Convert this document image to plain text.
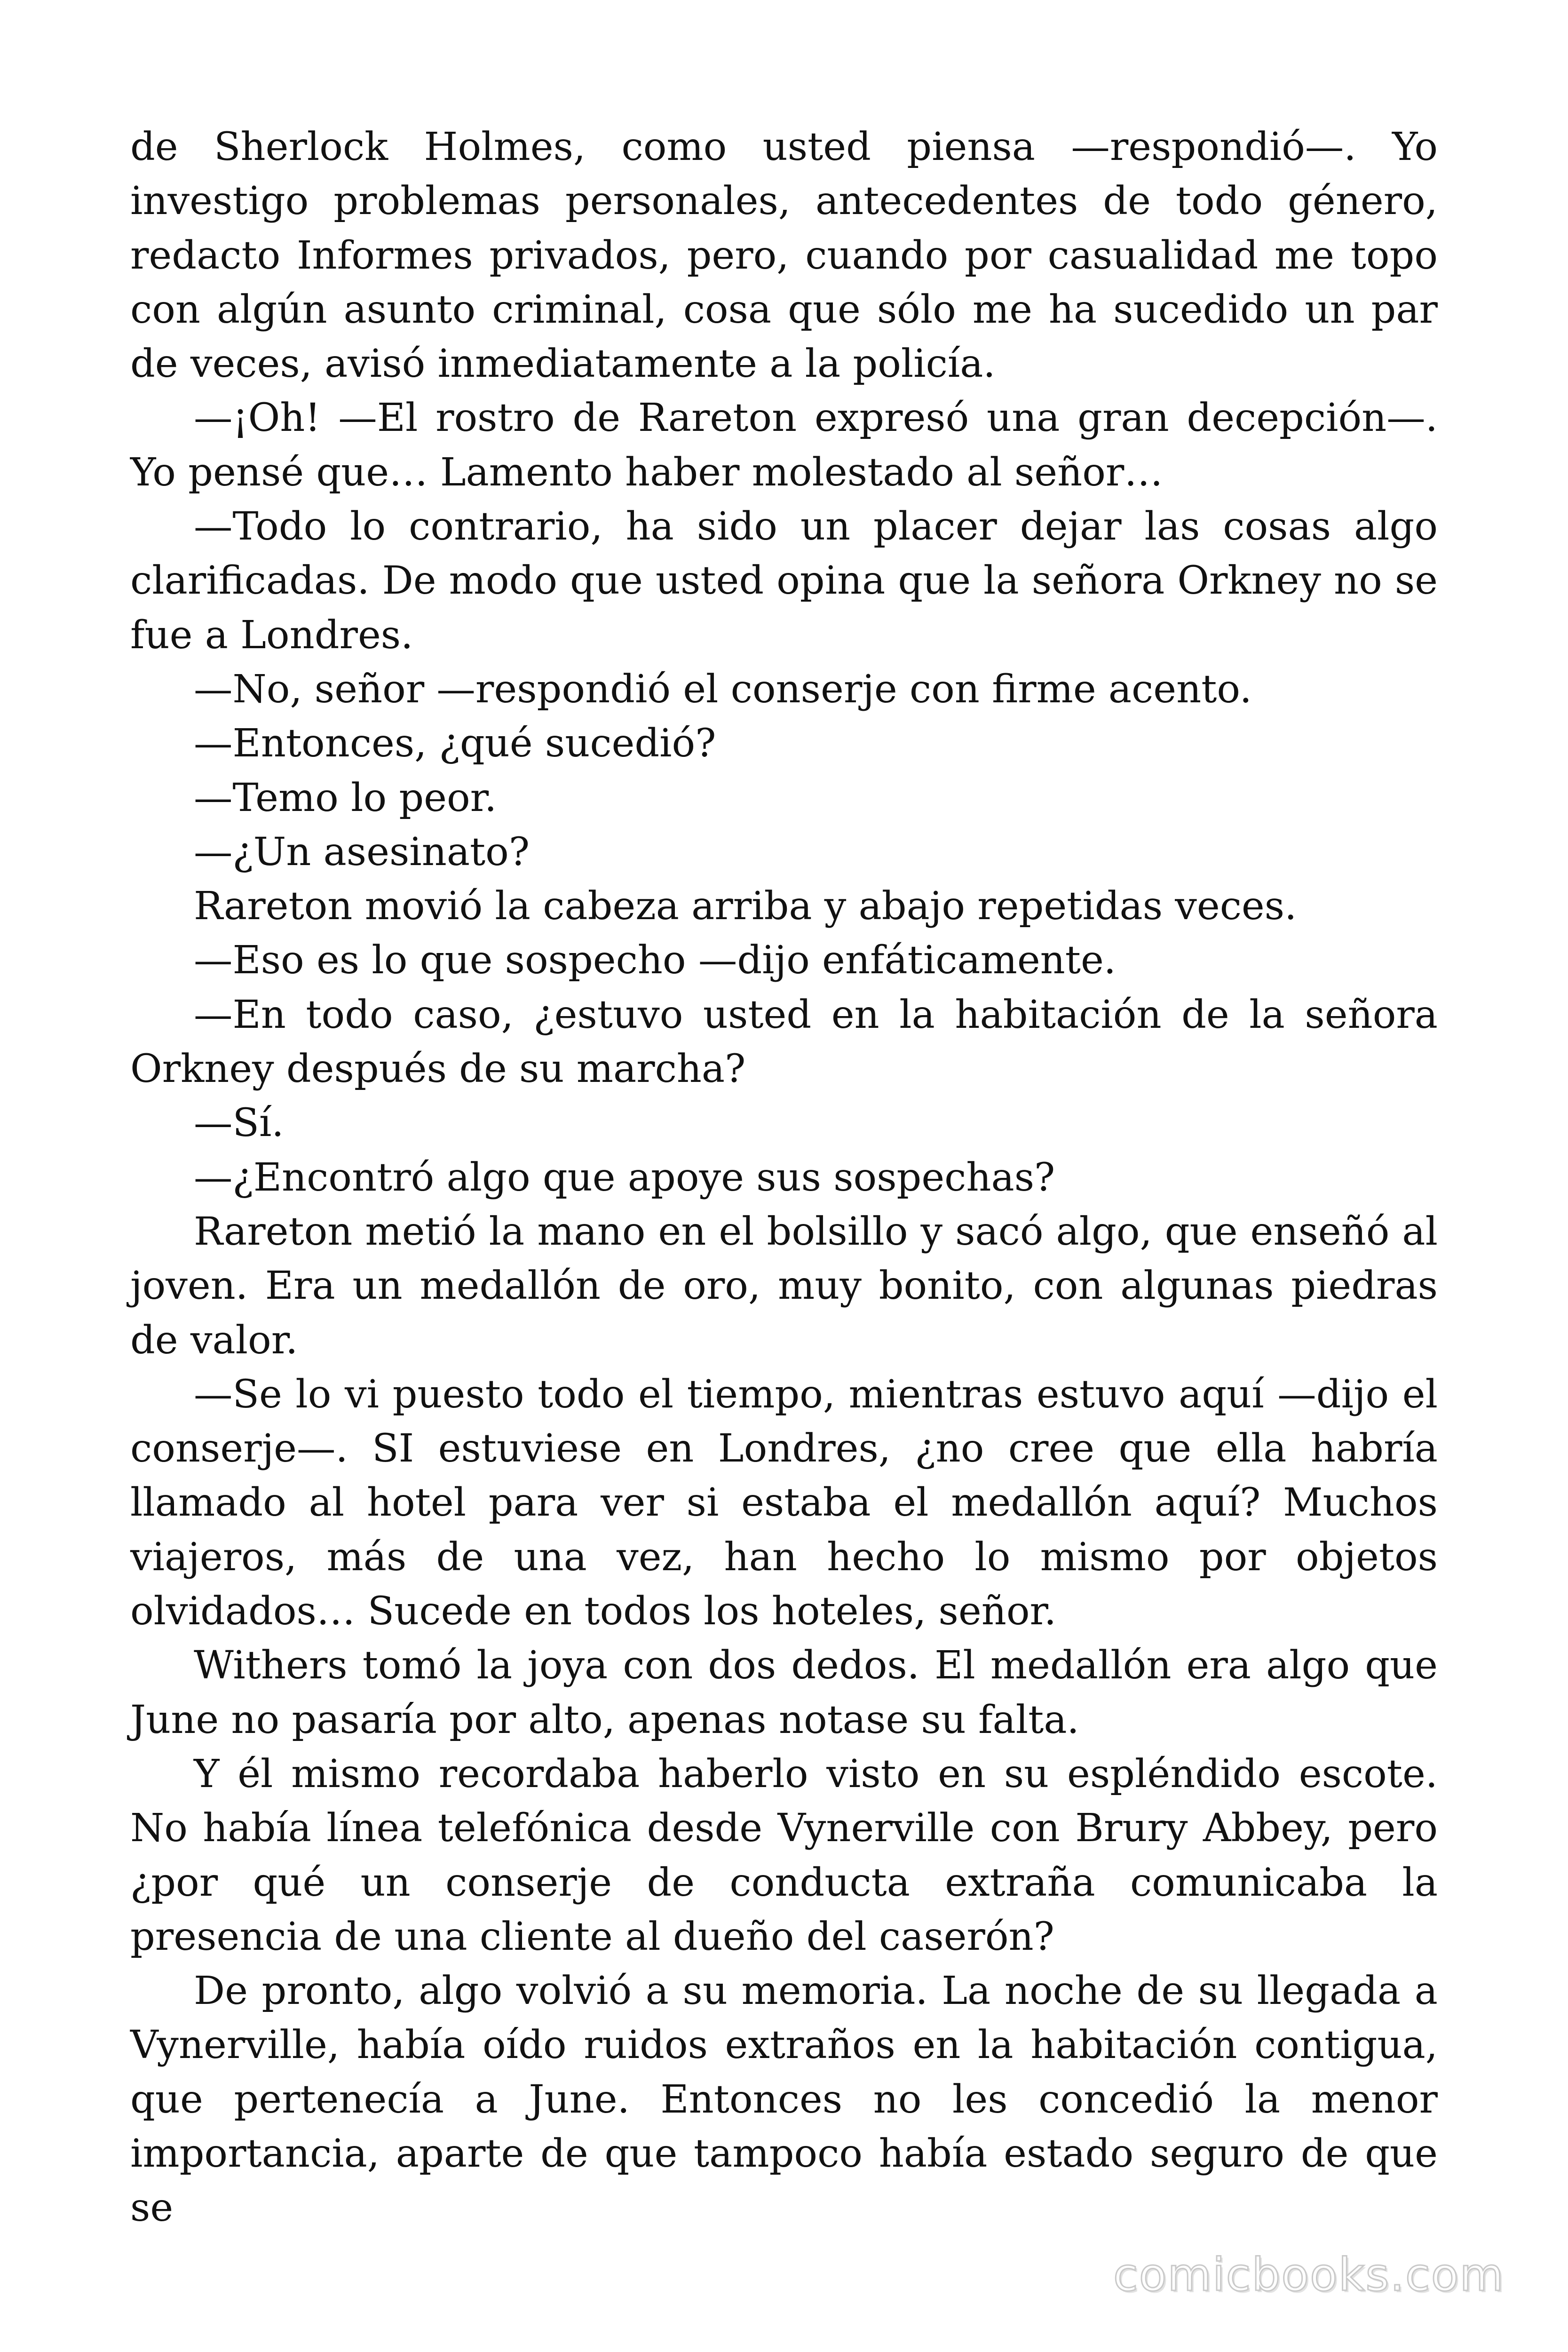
de Sherlock Holmes, como usted piensa —respondió—. Yo investigo problemas personales, antecedentes de todo género, redacto Informes privados, pero, cuando por casualidad me topo con algún asunto criminal, cosa que sólo me ha sucedido un par de veces, avisó inmediatamente a la policía.

—¡Oh! —El rostro de Rareton expresó una gran decepción—. Yo pensé que… Lamento haber molestado al señor…

—Todo lo contrario, ha sido un placer dejar las cosas algo clarificadas. De modo que usted opina que la señora Orkney no se fue a Londres.

—No, señor —respondió el conserje con firme acento.

—Entonces, ¿qué sucedió?

—Temo lo peor.

—¿Un asesinato?

Rareton movió la cabeza arriba y abajo repetidas veces.

—Eso es lo que sospecho —dijo enfáticamente.

—En todo caso, ¿estuvo usted en la habitación de la señora Orkney después de su marcha?

—Sí.

—¿Encontró algo que apoye sus sospechas?

Rareton metió la mano en el bolsillo y sacó algo, que enseñó al joven. Era un medallón de oro, muy bonito, con algunas piedras de valor.

—Se lo vi puesto todo el tiempo, mientras estuvo aquí —dijo el conserje—. SI estuviese en Londres, ¿no cree que ella habría llamado al hotel para ver si estaba el medallón aquí? Muchos viajeros, más de una vez, han hecho lo mismo por objetos olvidados… Sucede en todos los hoteles, señor.

Withers tomó la joya con dos dedos. El medallón era algo que June no pasaría por alto, apenas notase su falta.

Y él mismo recordaba haberlo visto en su espléndido escote. No había línea telefónica desde Vynerville con Brury Abbey, pero ¿por qué un conserje de conducta extraña comunicaba la presencia de una cliente al dueño del caserón?

De pronto, algo volvió a su memoria. La noche de su llegada a Vynerville, había oído ruidos extraños en la habitación contigua, que pertenecía a June. Entonces no les concedió la menor importancia, aparte de que tampoco había estado seguro de que se

comicbooks.com
